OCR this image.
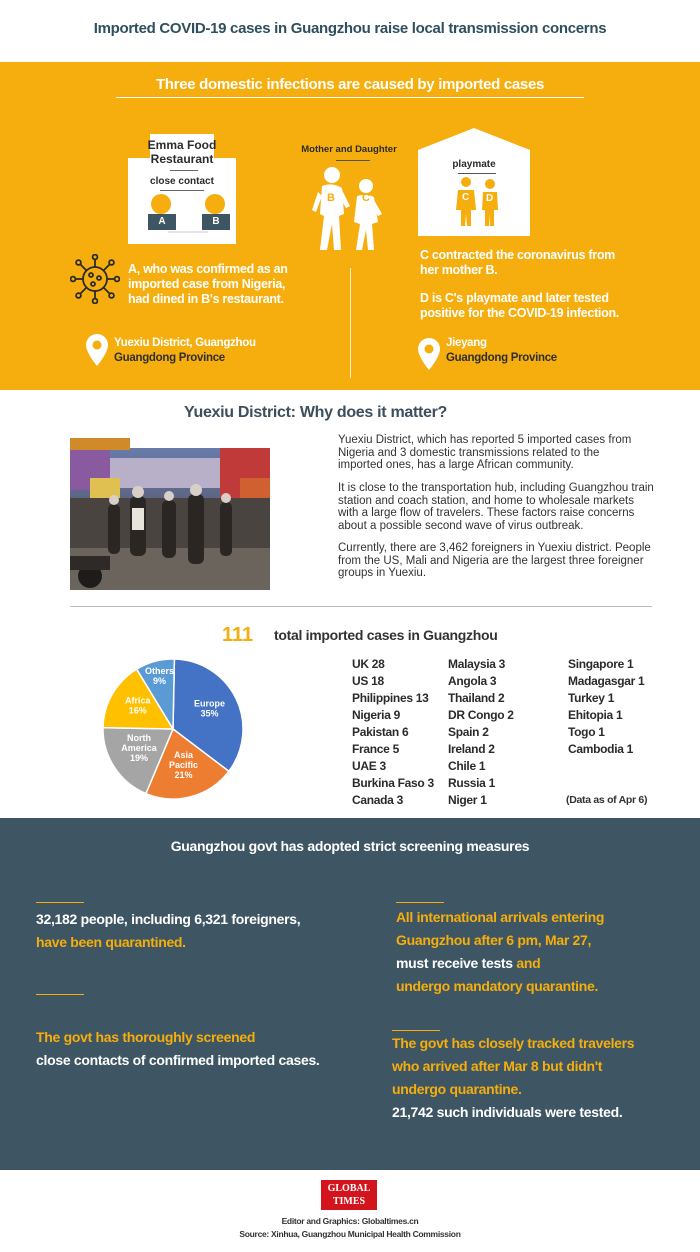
Imported COVID-19 cases in Guangzhou raise local transmission concerns
Three domestic infections are caused by imported cases
Emma Food
Restaurant
close contact
A	B
Mother and Daughter
B C
playmate
C D
A, who was confirmed as an
imported case from Nigeria,
had dined in B's restaurant.
C contracted the coronavirus from
her mother B.
D is C's playmate and later tested
positive for the COVID-19 infection.
Yuexiu District, Guangzhou
Guangdong Province
Jieyang
Guangdong Province
Yuexiu District: Why does it matter?
Yuexiu District, which has reported 5 imported cases from
Nigeria and 3 domestic transmissions related to the
imported ones, has a large African community.
It is close to the transportation hub, including Guangzhou train
station and coach station, and home to wholesale markets
with a large flow of travelers. These factors raise concerns
about a possible second wave of virus outbreak.
Currently, there are 3,462 foreigners in Yuexiu district. People
from the US, Mali and Nigeria are the largest three foreigner
groups in Yuexiu.
111 total imported cases in Guangzhou
Europe 35%
Asia Pacific 21%
North America 19%
Africa 16%
Others 9%
UK 28
US 18
Philippines 13
Nigeria 9
Pakistan 6
France 5
UAE 3
Burkina Faso 3
Canada 3
Malaysia 3
Angola 3
Thailand 2
DR Congo 2
Spain 2
Ireland 2
Chile 1
Russia 1
Niger 1
Singapore 1
Madagasgar 1
Turkey 1
Ehitopia 1
Togo 1
Cambodia 1
(Data as of Apr 6)
Guangzhou govt has adopted strict screening measures
32,182 people, including 6,321 foreigners,
have been quarantined.
All international arrivals entering
Guangzhou after 6 pm, Mar 27,
must receive tests and
undergo mandatory quarantine.
The govt has thoroughly screened
close contacts of confirmed imported cases.
The govt has closely tracked travelers
who arrived after Mar 8 but didn't
undergo quarantine.
21,742 such individuals were tested.
GLOBAL
TIMES
Editor and Graphics: Globaltimes.cn
Source: Xinhua, Guangzhou Municipal Health Commission
